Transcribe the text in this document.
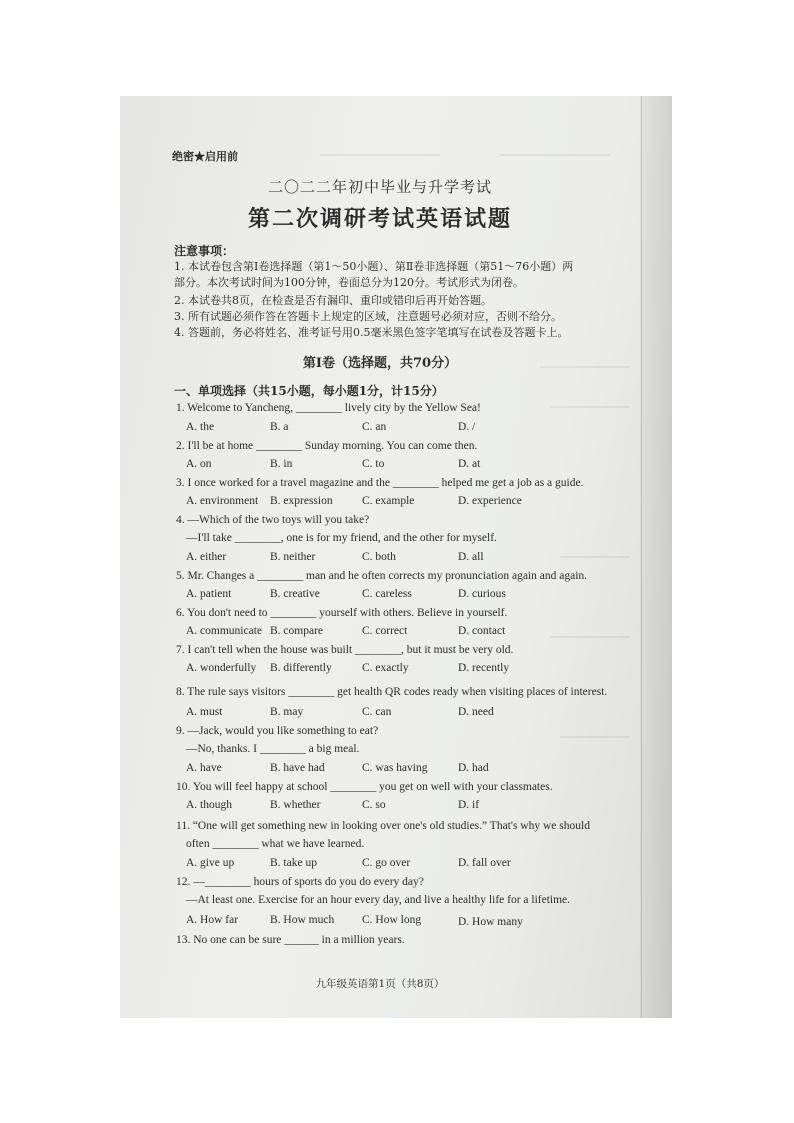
绝密★启用前
二〇二二年初中毕业与升学考试
第二次调研考试英语试题
注意事项：
1. 本试卷包含第Ⅰ卷选择题（第1～50小题）、第Ⅱ卷非选择题（第51～76小题）两
部分。本次考试时间为100分钟，卷面总分为120分。考试形式为闭卷。
2. 本试卷共8页，在检查是否有漏印、重印或错印后再开始答题。
3. 所有试题必须作答在答题卡上规定的区域，注意题号必须对应，否则不给分。
4. 答题前，务必将姓名、准考证号用0.5毫米黑色签字笔填写在试卷及答题卡上。
第Ⅰ卷（选择题，共70分）
一、单项选择（共15小题，每小题1分，计15分）
1. Welcome to Yancheng, ________ lively city by the Yellow Sea!
A. the	B. a	C. an	D. /
2. I'll be at home ________ Sunday morning. You can come then.
A. on	B. in	C. to	D. at
3. I once worked for a travel magazine and the ________ helped me get a job as a guide.
A. environment B. expression	C. example	D. experience
4. —Which of the two toys will you take?
—I'll take ________, one is for my friend, and the other for myself.
A. either	B. neither	C. both	D. all
5. Mr. Changes a ________ man and he often corrects my pronunciation again and again.
A. patient	B. creative	C. careless	D. curious
6. You don't need to ________ yourself with others. Believe in yourself.
A. communicate B. compare	C. correct	D. contact
7. I can't tell when the house was built ________, but it must be very old.
A. wonderfully B. differently	C. exactly	D. recently
8. The rule says visitors ________ get health QR codes ready when visiting places of interest.
A. must	B. may	C. can	D. need
9. —Jack, would you like something to eat?
—No, thanks. I ________ a big meal.
A. have	B. have had	C. was having	D. had
10. You will feel happy at school ________ you get on well with your classmates.
A. though	B. whether	C. so	D. if
11. “One will get something new in looking over one's old studies.” That's why we should
often ________ what we have learned.
A. give up	B. take up	C. go over	D. fall over
12. —________ hours of sports do you do every day?
—At least one. Exercise for an hour every day, and live a healthy life for a lifetime.
A. How far	B. How much C. How long	D. How many
13. No one can be sure ______ in a million years.
九年级英语第1页（共8页）
